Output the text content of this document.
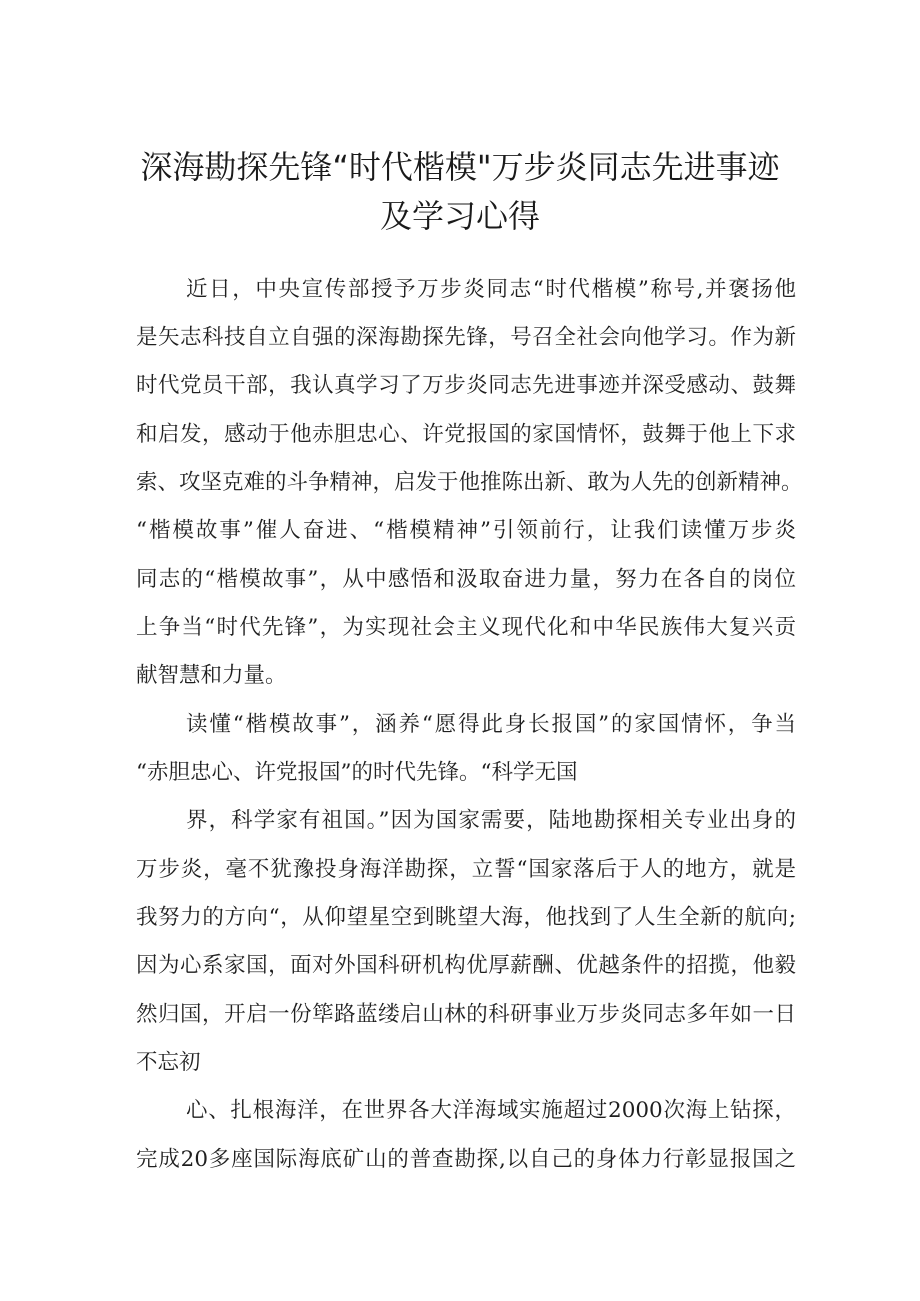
深海勘探先锋“时代楷模"万步炎同志先进事迹
及学习心得
近日，中央宣传部授予万步炎同志“时代楷模”称号,并褒扬他
是矢志科技自立自强的深海勘探先锋，号召全社会向他学习。作为新
时代党员干部，我认真学习了万步炎同志先进事迹并深受感动、鼓舞
和启发，感动于他赤胆忠心、许党报国的家国情怀，鼓舞于他上下求
索、攻坚克难的斗争精神，启发于他推陈出新、敢为人先的创新精神。
“楷模故事”催人奋进、“楷模精神”引领前行，让我们读懂万步炎
同志的“楷模故事”，从中感悟和汲取奋进力量，努力在各自的岗位
上争当“时代先锋”，为实现社会主义现代化和中华民族伟大复兴贡
献智慧和力量。
读懂“楷模故事”，涵养“愿得此身长报国”的家国情怀，争当
“赤胆忠心、许党报国”的时代先锋。“科学无国
界，科学家有祖国。”因为国家需要，陆地勘探相关专业出身的
万步炎，毫不犹豫投身海洋勘探，立誓“国家落后于人的地方，就是
我努力的方向“，从仰望星空到眺望大海，他找到了人生全新的航向;
因为心系家国，面对外国科研机构优厚薪酬、优越条件的招揽，他毅
然归国，开启一份筚路蓝缕启山林的科研事业万步炎同志多年如一日
不忘初
心、扎根海洋，在世界各大洋海域实施超过2000次海上钻探，
完成20多座国际海底矿山的普查勘探,以自己的身体力行彰显报国之
